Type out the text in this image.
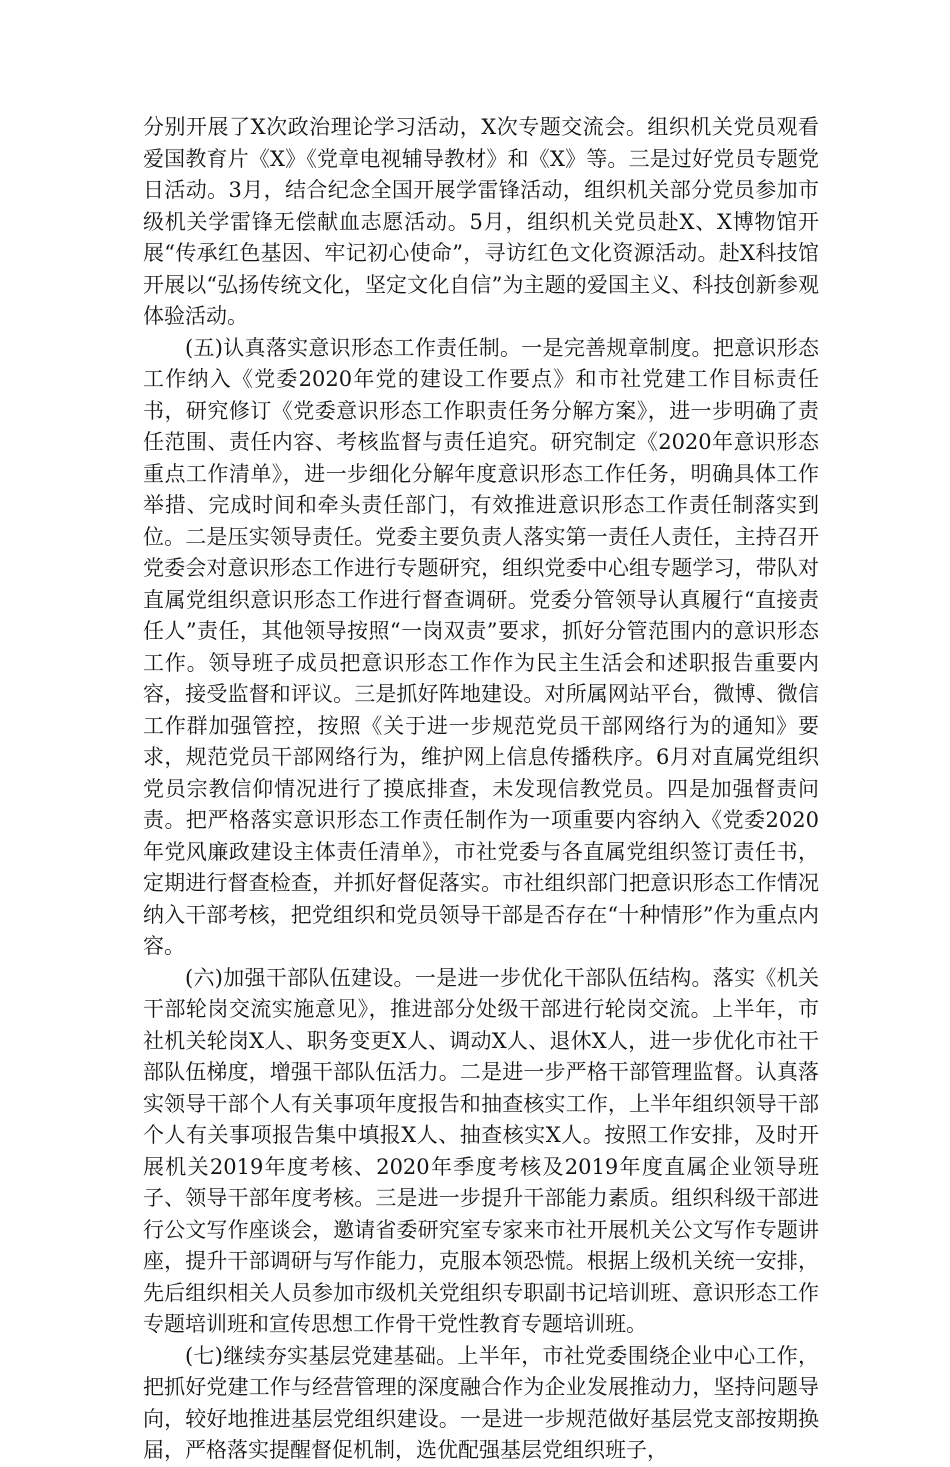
分别开展了X次政治理论学习活动，X次专题交流会。组织机关党员观看爱国教育片《X》《党章电视辅导教材》和《X》等。三是过好党员专题党日活动。3月，结合纪念全国开展学雷锋活动，组织机关部分党员参加市级机关学雷锋无偿献血志愿活动。5月，组织机关党员赴X、X博物馆开展“传承红色基因、牢记初心使命”，寻访红色文化资源活动。赴X科技馆开展以“弘扬传统文化，坚定文化自信”为主题的爱国主义、科技创新参观体验活动。

(五)认真落实意识形态工作责任制。一是完善规章制度。把意识形态工作纳入《党委2020年党的建设工作要点》和市社党建工作目标责任书，研究修订《党委意识形态工作职责任务分解方案》，进一步明确了责任范围、责任内容、考核监督与责任追究。研究制定《2020年意识形态重点工作清单》，进一步细化分解年度意识形态工作任务，明确具体工作举措、完成时间和牵头责任部门，有效推进意识形态工作责任制落实到位。二是压实领导责任。党委主要负责人落实第一责任人责任，主持召开党委会对意识形态工作进行专题研究，组织党委中心组专题学习，带队对直属党组织意识形态工作进行督查调研。党委分管领导认真履行“直接责任人”责任，其他领导按照“一岗双责”要求，抓好分管范围内的意识形态工作。领导班子成员把意识形态工作作为民主生活会和述职报告重要内容，接受监督和评议。三是抓好阵地建设。对所属网站平台，微博、微信工作群加强管控，按照《关于进一步规范党员干部网络行为的通知》要求，规范党员干部网络行为，维护网上信息传播秩序。6月对直属党组织党员宗教信仰情况进行了摸底排查，未发现信教党员。四是加强督责问责。把严格落实意识形态工作责任制作为一项重要内容纳入《党委2020年党风廉政建设主体责任清单》，市社党委与各直属党组织签订责任书，定期进行督查检查，并抓好督促落实。市社组织部门把意识形态工作情况纳入干部考核，把党组织和党员领导干部是否存在“十种情形”作为重点内容。

(六)加强干部队伍建设。一是进一步优化干部队伍结构。落实《机关干部轮岗交流实施意见》，推进部分处级干部进行轮岗交流。上半年，市社机关轮岗X人、职务变更X人、调动X人、退休X人，进一步优化市社干部队伍梯度，增强干部队伍活力。二是进一步严格干部管理监督。认真落实领导干部个人有关事项年度报告和抽查核实工作，上半年组织领导干部个人有关事项报告集中填报X人、抽查核实X人。按照工作安排，及时开展机关2019年度考核、2020年季度考核及2019年度直属企业领导班子、领导干部年度考核。三是进一步提升干部能力素质。组织科级干部进行公文写作座谈会，邀请省委研究室专家来市社开展机关公文写作专题讲座，提升干部调研与写作能力，克服本领恐慌。根据上级机关统一安排，先后组织相关人员参加市级机关党组织专职副书记培训班、意识形态工作专题培训班和宣传思想工作骨干党性教育专题培训班。

(七)继续夯实基层党建基础。上半年，市社党委围绕企业中心工作，把抓好党建工作与经营管理的深度融合作为企业发展推动力，坚持问题导向，较好地推进基层党组织建设。一是进一步规范做好基层党支部按期换届，严格落实提醒督促机制，选优配强基层党组织班子，
